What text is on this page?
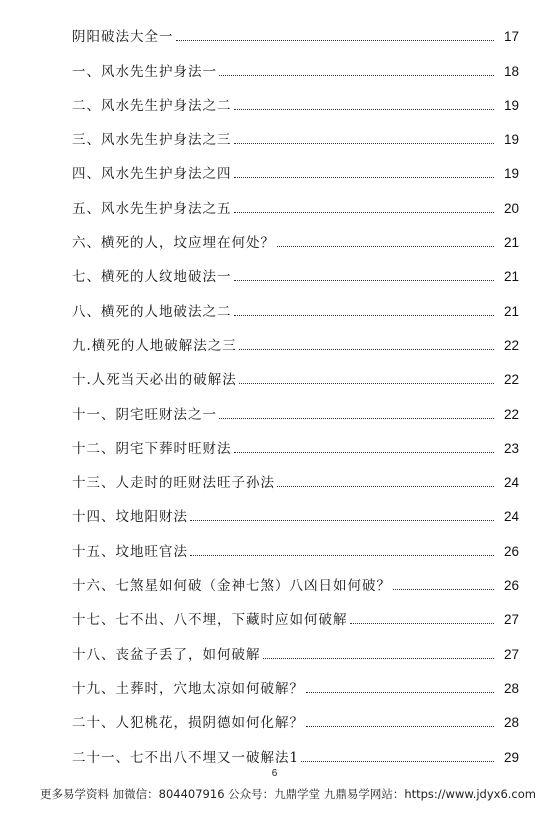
阴阳破法大全一	17
一、风水先生护身法一	18
二、风水先生护身法之二	19
三、风水先生护身法之三	19
四、风水先生护身法之四	19
五、风水先生护身法之五	20
六、横死的人，坟应埋在何处？	21
七、横死的人纹地破法一	21
八、横死的人地破法之二	21
九.横死的人地破解法之三	22
十.人死当天必出的破解法	22
十一、阴宅旺财法之一	22
十二、阴宅下葬时旺财法	23
十三、人走时的旺财法旺子孙法	24
十四、坟地阳财法	24
十五、坟地旺官法	26
十六、七煞星如何破（金神七煞）八凶日如何破？	26
十七、七不出、八不埋，下藏时应如何破解	27
十八、丧盆子丢了，如何破解	27
十九、土葬时，穴地太凉如何破解？	28
二十、人犯桃花，损阴德如何化解？	28
二十一、七不出八不埋又一破解法1	29
6
更多易学资料 加微信：804407916 公众号：九鼎学堂 九鼎易学网站：https://www.jdyx6.com
